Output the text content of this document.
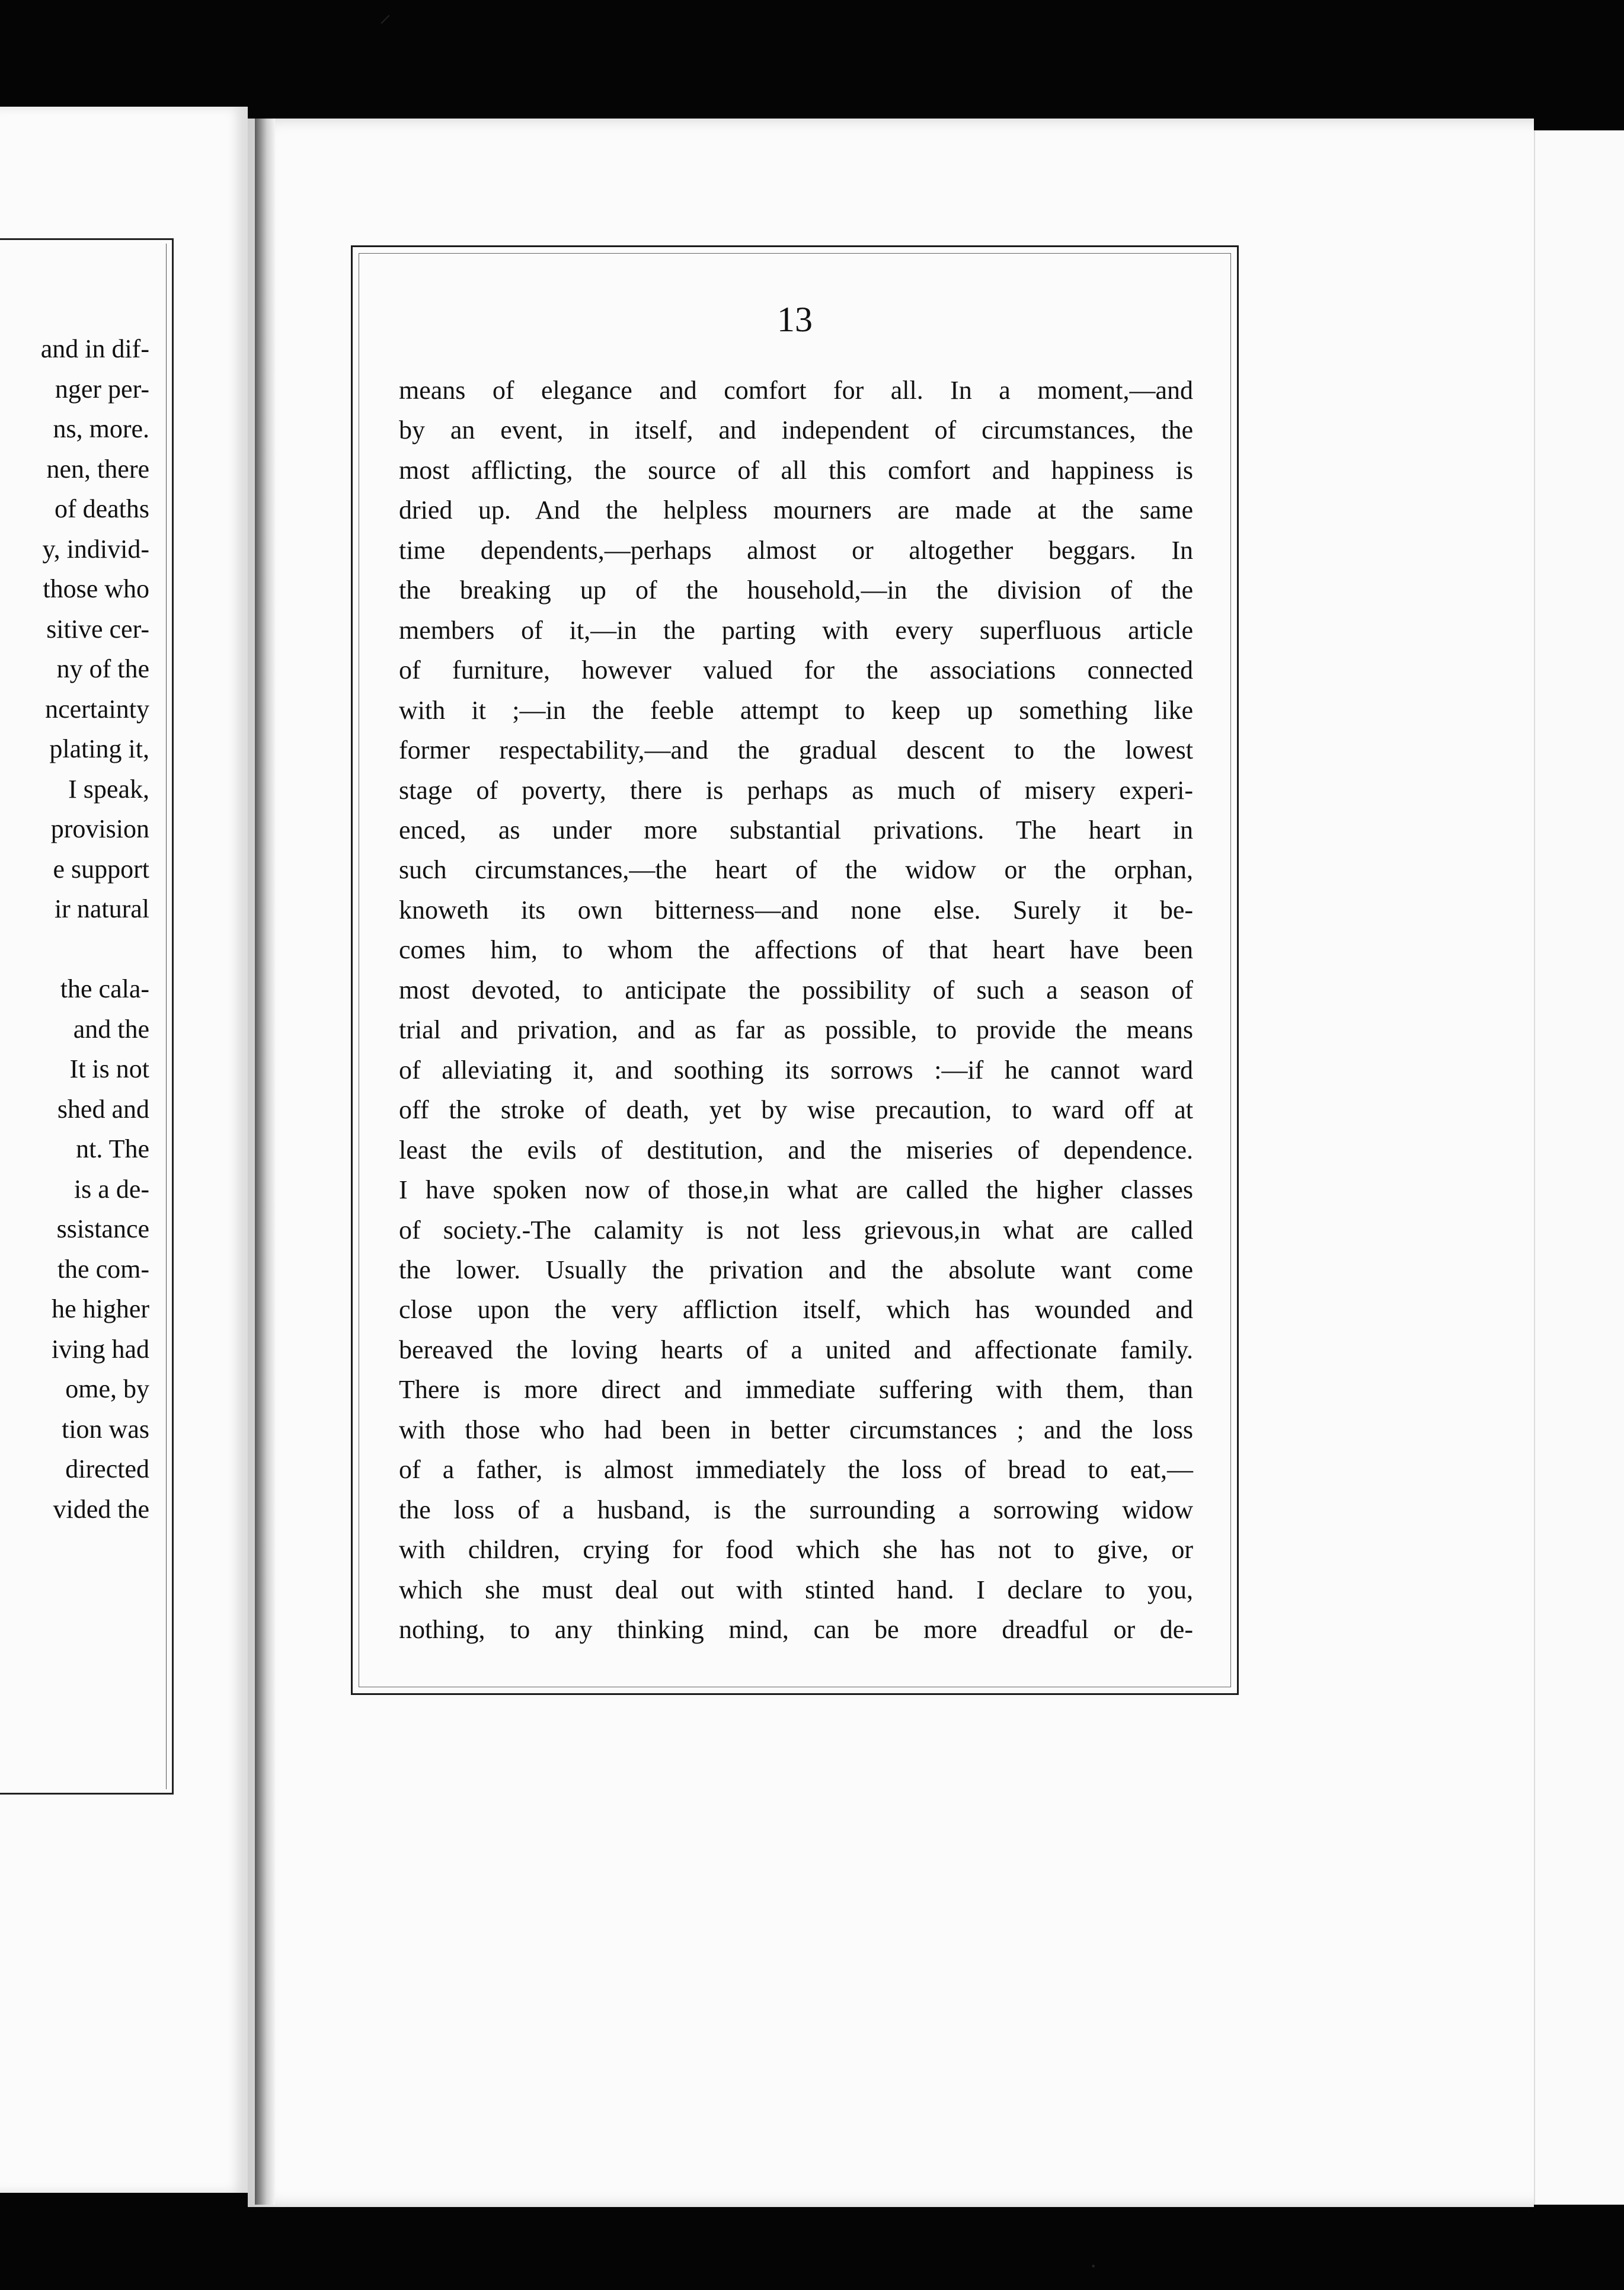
and in dif-
nger per-
ns, more.
nen, there
of deaths
y, individ-
those who
sitive cer-
ny of the
ncertainty
plating it,
I speak,
provision
e support
ir natural
the cala-
and the
It is not
shed and
nt. The
is a de-
ssistance
the com-
he higher
iving had
ome, by
tion was
directed
vided the
13
means of elegance and comfort for all. In a moment,—and
by an event, in itself, and independent of circumstances, the
most afflicting, the source of all this comfort and happiness is
dried up. And the helpless mourners are made at the same
time dependents,—perhaps almost or altogether beggars. In
the breaking up of the household,—in the division of the
members of it,—in the parting with every superfluous article
of furniture, however valued for the associations connected
with it ;—in the feeble attempt to keep up something like
former respectability,—and the gradual descent to the lowest
stage of poverty, there is perhaps as much of misery experi-
enced, as under more substantial privations. The heart in
such circumstances,—the heart of the widow or the orphan,
knoweth its own bitterness—and none else. Surely it be-
comes him, to whom the affections of that heart have been
most devoted, to anticipate the possibility of such a season of
trial and privation, and as far as possible, to provide the means
of alleviating it, and soothing its sorrows :—if he cannot ward
off the stroke of death, yet by wise precaution, to ward off at
least the evils of destitution, and the miseries of dependence.
I have spoken now of those,in what are called the higher classes
of society.-The calamity is not less grievous,in what are called
the lower. Usually the privation and the absolute want come
close upon the very affliction itself, which has wounded and
bereaved the loving hearts of a united and affectionate family.
There is more direct and immediate suffering with them, than
with those who had been in better circumstances ; and the loss
of a father, is almost immediately the loss of bread to eat,—
the loss of a husband, is the surrounding a sorrowing widow
with children, crying for food which she has not to give, or
which she must deal out with stinted hand. I declare to you,
nothing, to any thinking mind, can be more dreadful or de-
⸝
·
